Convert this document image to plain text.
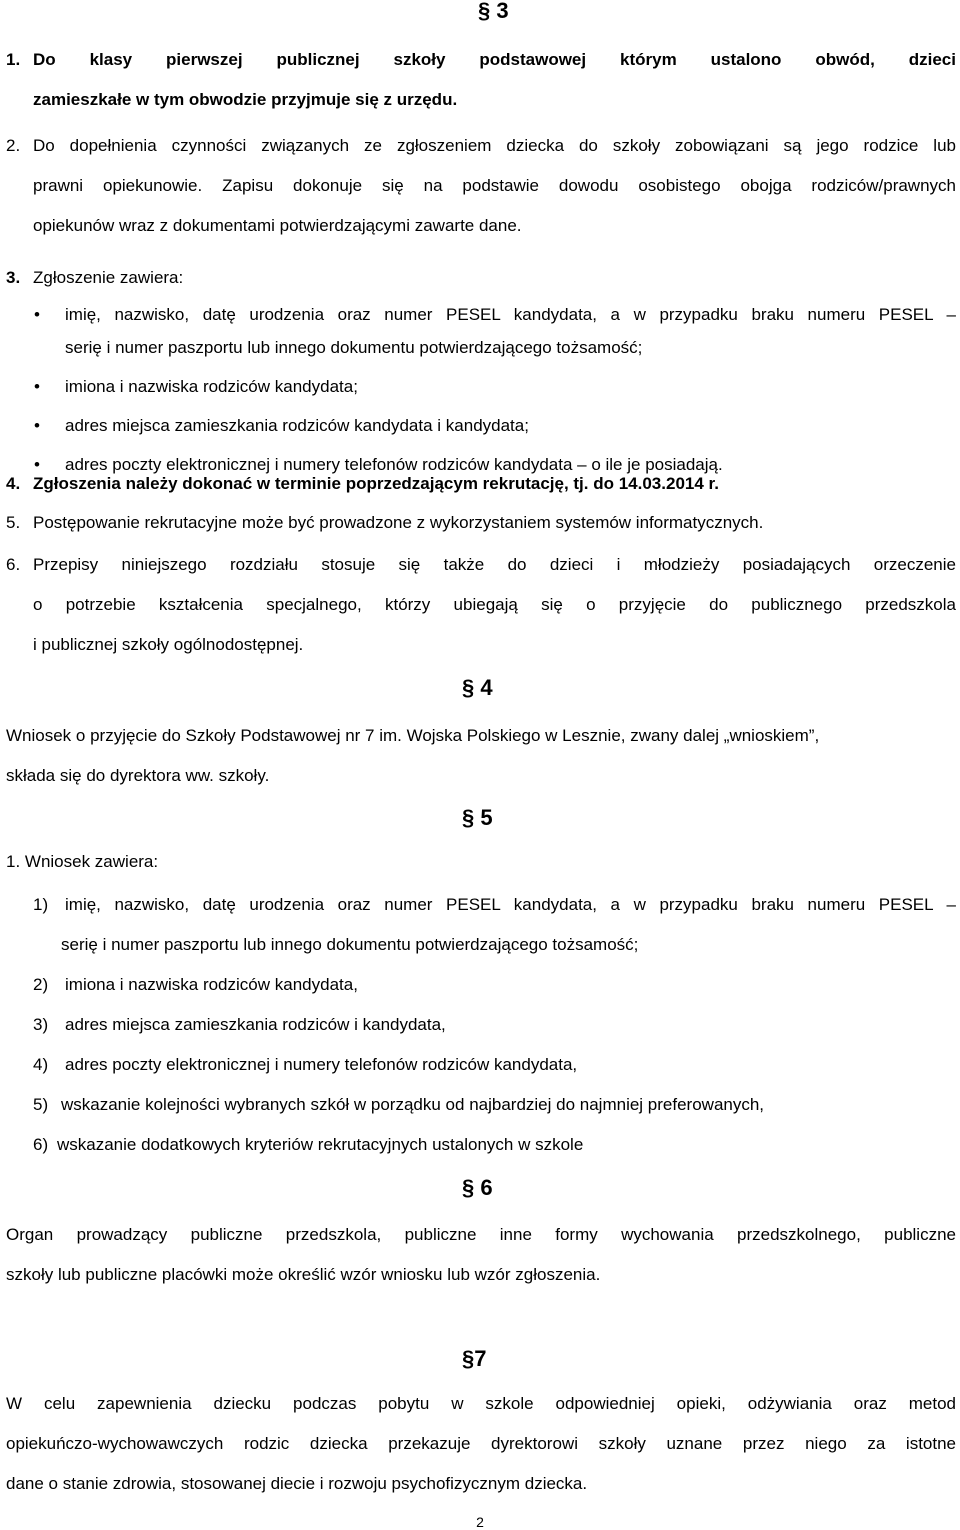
§ 3
1. Do klasy pierwszej publicznej szkoły podstawowej którym ustalono obwód, dzieci
zamieszkałe w tym obwodzie przyjmuje się z urzędu.
2. Do dopełnienia czynności związanych ze zgłoszeniem dziecka do szkoły zobowiązani są jego rodzice lub
prawni opiekunowie. Zapisu dokonuje się na podstawie dowodu osobistego obojga rodziców/prawnych
opiekunów wraz z dokumentami potwierdzającymi zawarte dane.
3. Zgłoszenie zawiera:
• imię, nazwisko, datę urodzenia oraz numer PESEL kandydata, a w przypadku braku numeru PESEL –
serię i numer paszportu lub innego dokumentu potwierdzającego tożsamość;
• imiona i nazwiska rodziców kandydata;
• adres miejsca zamieszkania rodziców kandydata i kandydata;
• adres poczty elektronicznej i numery telefonów rodziców kandydata – o ile je posiadają.
4. Zgłoszenia należy dokonać w terminie poprzedzającym rekrutację, tj. do 14.03.2014 r.
5. Postępowanie rekrutacyjne może być prowadzone z wykorzystaniem systemów informatycznych.
6. Przepisy niniejszego rozdziału stosuje się także do dzieci i młodzieży posiadających orzeczenie
o potrzebie kształcenia specjalnego, którzy ubiegają się o przyjęcie do publicznego przedszkola
i publicznej szkoły ogólnodostępnej.
§ 4
Wniosek o przyjęcie do Szkoły Podstawowej nr 7 im. Wojska Polskiego w Lesznie, zwany dalej „wnioskiem”,
składa się do dyrektora ww. szkoły.
§ 5
1. Wniosek zawiera:
1) imię, nazwisko, datę urodzenia oraz numer PESEL kandydata, a w przypadku braku numeru PESEL –
serię i numer paszportu lub innego dokumentu potwierdzającego tożsamość;
2) imiona i nazwiska rodziców kandydata,
3) adres miejsca zamieszkania rodziców i kandydata,
4) adres poczty elektronicznej i numery telefonów rodziców kandydata,
5) wskazanie kolejności wybranych szkół w porządku od najbardziej do najmniej preferowanych,
6) wskazanie dodatkowych kryteriów rekrutacyjnych ustalonych w szkole
§ 6
Organ prowadzący publiczne przedszkola, publiczne inne formy wychowania przedszkolnego, publiczne
szkoły lub publiczne placówki może określić wzór wniosku lub wzór zgłoszenia.
§7
W celu zapewnienia dziecku podczas pobytu w szkole odpowiedniej opieki, odżywiania oraz metod
opiekuńczo-wychowawczych rodzic dziecka przekazuje dyrektorowi szkoły uznane przez niego za istotne
dane o stanie zdrowia, stosowanej diecie i rozwoju psychofizycznym dziecka.
2
